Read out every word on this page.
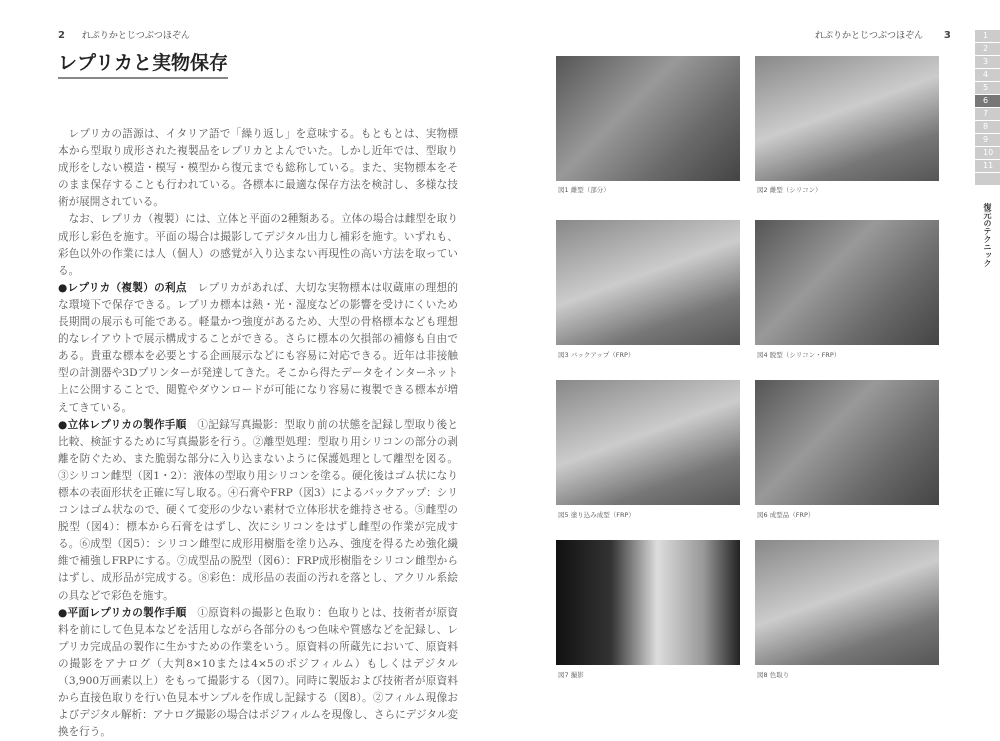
2 れぷりかとじつぶつほぞん
レプリカと実物保存

レプリカの語源は、イタリア語で「繰り返し」を意味する。もともとは、実物標本から型取り成形された複製品をレプリカとよんでいた。しかし近年では、型取り成形をしない模造・模写・模型から復元までも総称している。また、実物標本をそのまま保存することも行われている。各標本に最適な保存方法を検討し、多様な技術が展開されている。

なお、レプリカ（複製）には、立体と平面の2種類ある。立体の場合は雌型を取り成形し彩色を施す。平面の場合は撮影してデジタル出力し補彩を施す。いずれも、彩色以外の作業には人（個人）の感覚が入り込まない再現性の高い方法を取っている。

●レプリカ（複製）の利点　 レプリカがあれば、大切な実物標本は収蔵庫の理想的な環境下で保存できる。レプリカ標本は熱・光・湿度などの影響を受けにくいため長期間の展示も可能である。軽量かつ強度があるため、大型の骨格標本なども理想的なレイアウトで展示構成することができる。さらに標本の欠損部の補修も自由である。貴重な標本を必要とする企画展示などにも容易に対応できる。近年は非接触型の計測器や3Dプリンターが発達してきた。そこから得たデータをインターネット上に公開することで、閲覧やダウンロードが可能になり容易に複製できる標本が増えてきている。

●立体レプリカの製作手順　 ①記録写真撮影：型取り前の状態を記録し型取り後と比較、検証するために写真撮影を行う。②離型処理：型取り用シリコンの部分の剥離を防ぐため、また脆弱な部分に入り込まないように保護処理として離型を図る。③シリコン雌型（図1・2）：液体の型取り用シリコンを塗る。硬化後はゴム状になり標本の表面形状を正確に写し取る。④石膏やFRP（図3）によるバックアップ：シリコンはゴム状なので、硬くて変形の少ない素材で立体形状を維持させる。⑤雌型の脱型（図4）：標本から石膏をはずし、次にシリコンをはずし雌型の作業が完成する。⑥成型（図5）：シリコン雌型に成形用樹脂を塗り込み、強度を得るため強化繊維で補強しFRPにする。⑦成型品の脱型（図6）：FRP成形樹脂をシリコン雌型からはずし、成形品が完成する。⑧彩色：成形品の表面の汚れを落とし、アクリル系絵の具などで彩色を施す。

●平面レプリカの製作手順　 ①原資料の撮影と色取り：色取りとは、技術者が原資料を前にして色見本などを活用しながら各部分のもつ色味や質感などを記録し、レプリカ完成品の製作に生かすための作業をいう。原資料の所蔵先において、原資料の撮影をアナログ（大判8×10または4×5のポジフィルム）もしくはデジタル（3,900万画素以上）をもって撮影する（図7）。同時に製版および技術者が原資料から直接色取りを行い色見本サンプルを作成し記録する（図8）。②フィルム現像およびデジタル解析：アナログ撮影の場合はポジフィルムを現像し、さらにデジタル変換を行う。

れぷりかとじつぶつほぞん 3
図1 雌型（部分）	図2 雌型（シリコン）
図3 バックアップ（FRP）	図4 脱型（シリコン・FRP）
図5 塗り込み成型（FRP）	図6 成型品（FRP）
図7 撮影	図8 色取り
1
2
3
4
5
6
7
8
9
10
11
復元のテクニック
